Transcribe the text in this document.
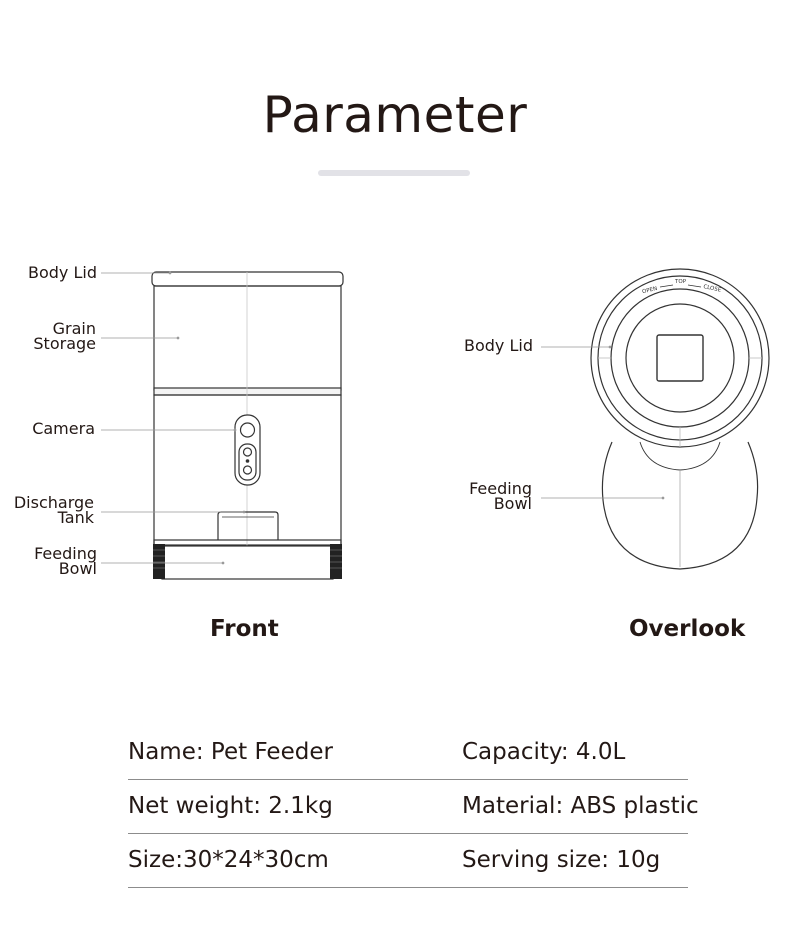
Parameter
OPEN
TOP
CLOSE
Body Lid
Grain
Storage
Camera
Discharge
Tank
Feeding
Bowl
Body Lid
Feeding
Bowl
Front	Overlook
Name: Pet Feeder	Capacity: 4.0L
Net weight: 2.1kg	Material: ABS plastic
Size:30*24*30cm	Serving size: 10g
